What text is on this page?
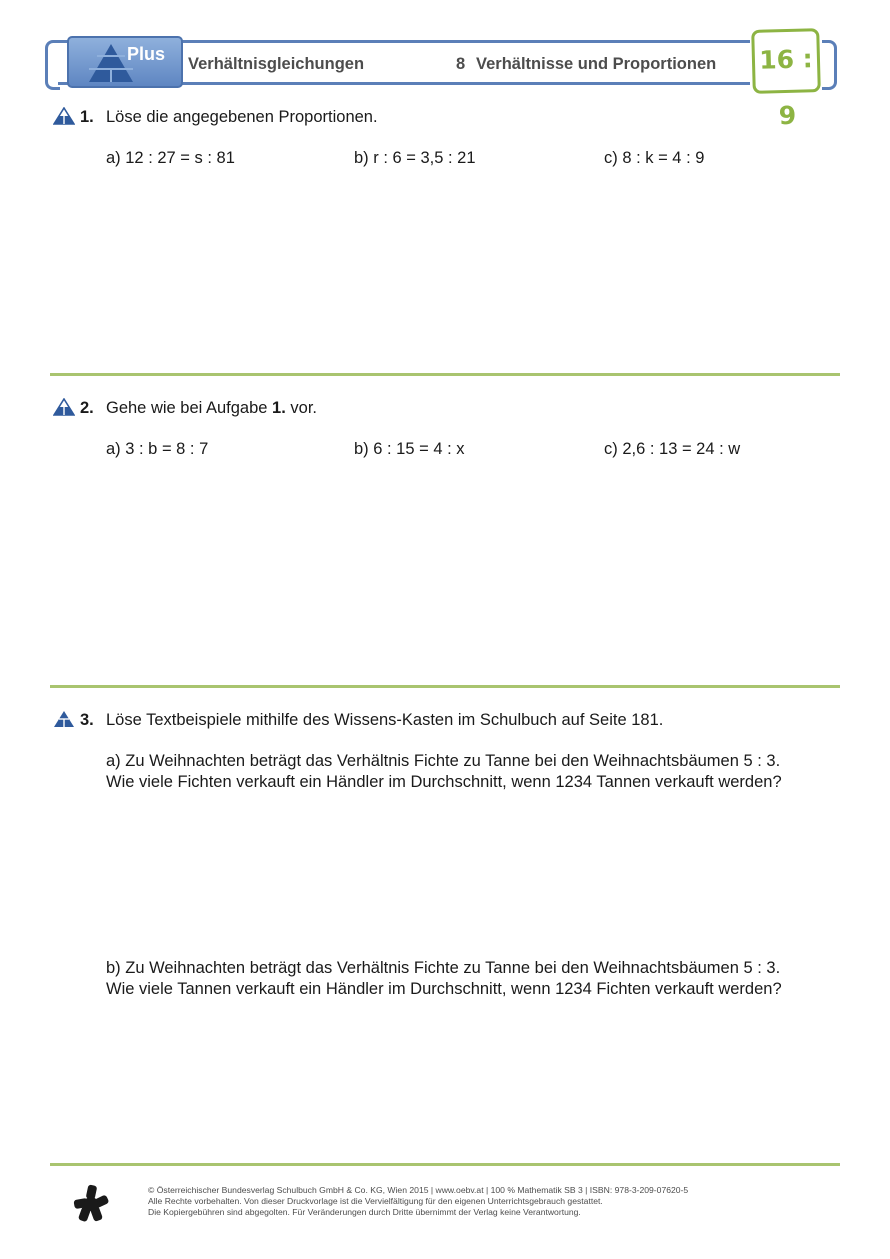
Plus Verhältnisgleichungen	8 Verhältnisse und Proportionen	16 : 9
1. Löse die angegebenen Proportionen.
a) 12 : 27 = s : 81	b) r : 6 = 3,5 : 21	c) 8 : k = 4 : 9
2. Gehe wie bei Aufgabe 1. vor.
a) 3 : b = 8 : 7	b) 6 : 15 = 4 : x	c) 2,6 : 13 = 24 : w
3. Löse Textbeispiele mithilfe des Wissens-Kasten im Schulbuch auf Seite 181.
a) Zu Weihnachten beträgt das Verhältnis Fichte zu Tanne bei den Weihnachtsbäumen 5 : 3.
Wie viele Fichten verkauft ein Händler im Durchschnitt, wenn 1234 Tannen verkauft werden?
b) Zu Weihnachten beträgt das Verhältnis Fichte zu Tanne bei den Weihnachtsbäumen 5 : 3.
Wie viele Tannen verkauft ein Händler im Durchschnitt, wenn 1234 Fichten verkauft werden?
© Österreichischer Bundesverlag Schulbuch GmbH & Co. KG, Wien 2015 | www.oebv.at | 100 % Mathematik SB 3 | ISBN: 978-3-209-07620-5
Alle Rechte vorbehalten. Von dieser Druckvorlage ist die Vervielfältigung für den eigenen Unterrichtsgebrauch gestattet.
Die Kopiergebühren sind abgegolten. Für Veränderungen durch Dritte übernimmt der Verlag keine Verantwortung.
